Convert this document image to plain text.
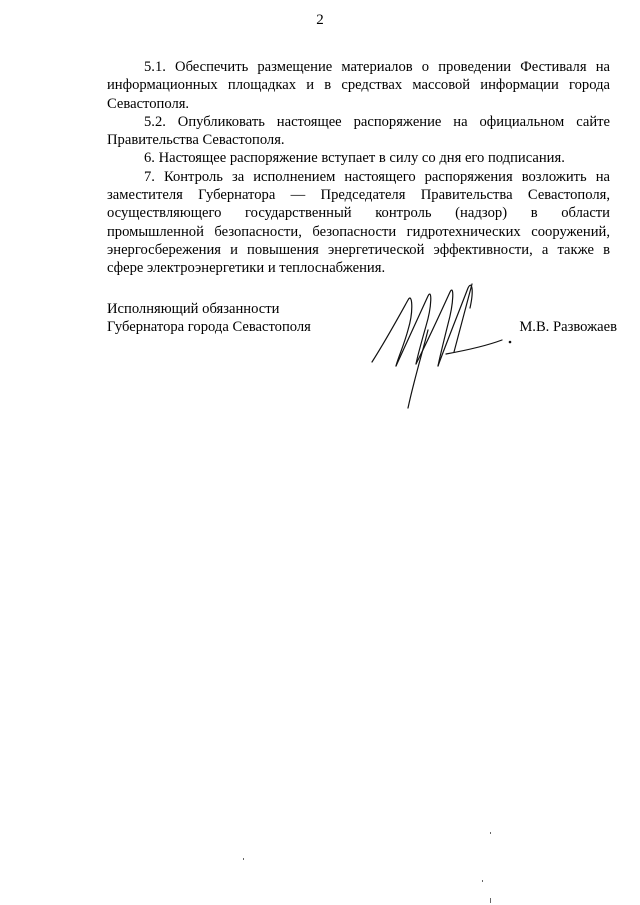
2

5.1. Обеспечить размещение материалов о проведении Фестиваля на информационных площадках и в средствах массовой информации города Севастополя.

5.2. Опубликовать настоящее распоряжение на официальном сайте Правительства Севастополя.

6. Настоящее распоряжение вступает в силу со дня его подписания.

7. Контроль за исполнением настоящего распоряжения возложить на заместителя Губернатора — Председателя Правительства Севастополя, осуществляющего государственный контроль (надзор) в области промышленной безопасности, безопасности гидротехнических сооружений, энергосбережения и повышения энергетической эффективности, а также в сфере электроэнергетики и теплоснабжения.

Исполняющий обязанности
Губернатора города Севастополя	М.В. Развожаев
